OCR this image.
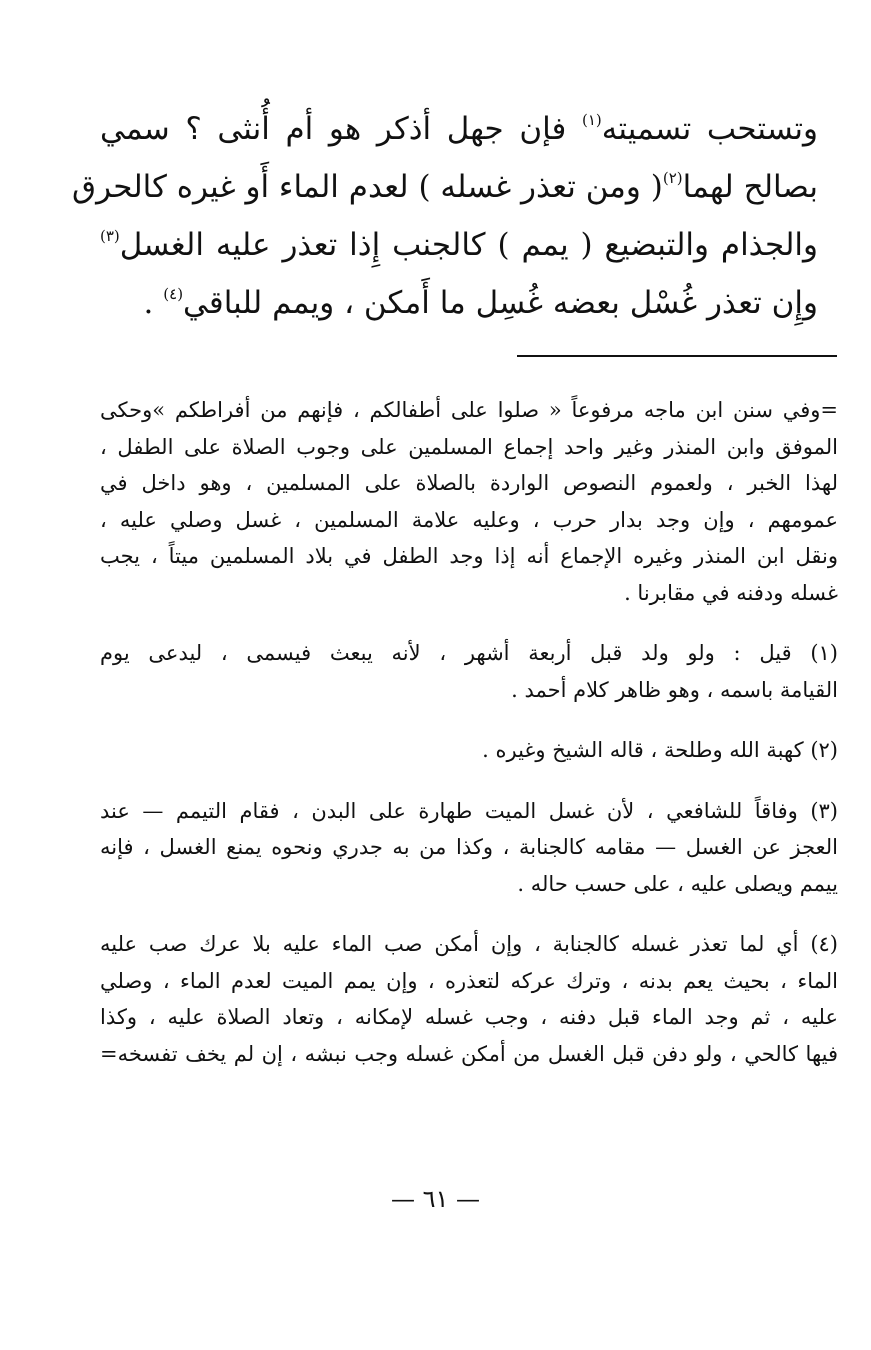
وتستحب تسميته$^{(١)}$ فإن جهل أذكر هو أم أُنثى ؟ سمي
بصالح لهما$^{(٢)}$( ومن تعذر غسله ) لعدم الماء أَو غيره كالحرق
والجذام والتبضيع ( يمم ) كالجنب إِذا تعذر عليه الغسل$^{(٣)}$
وإِن تعذر غُسْل بعضه غُسِل ما أَمكن ، ويمم للباقي$^{(٤)}$ .
=وفي سنن ابن ماجه مرفوعاً « صلوا على أطفالكم ، فإنهم من أفراطكم »وحكى
الموفق وابن المنذر وغير واحد إجماع المسلمين على وجوب الصلاة على الطفل ،
لهذا الخبر ، ولعموم النصوص الواردة بالصلاة على المسلمين ، وهو داخل في
عمومهم ، وإن وجد بدار حرب ، وعليه علامة المسلمين ، غسل وصلي عليه ،
ونقل ابن المنذر وغيره الإجماع أنه إذا وجد الطفل في بلاد المسلمين ميتاً ، يجب
غسله ودفنه في مقابرنا .
(١) قيل : ولو ولد قبل أربعة أشهر ، لأنه يبعث فيسمى ، ليدعى يوم
القيامة باسمه ، وهو ظاهر كلام أحمد .
(٢) كهبة الله وطلحة ، قاله الشيخ وغيره .
(٣) وفاقاً للشافعي ، لأن غسل الميت طهارة على البدن ، فقام التيمم — عند
العجز عن الغسل — مقامه كالجنابة ، وكذا من به جدري ونحوه يمنع الغسل ، فإنه
ييمم ويصلى عليه ، على حسب حاله .
(٤) أي لما تعذر غسله كالجنابة ، وإن أمكن صب الماء عليه بلا عرك صب عليه
الماء ، بحيث يعم بدنه ، وترك عركه لتعذره ، وإن يمم الميت لعدم الماء ، وصلي
عليه ، ثم وجد الماء قبل دفنه ، وجب غسله لإمكانه ، وتعاد الصلاة عليه ، وكذا
فيها كالحي ، ولو دفن قبل الغسل من أمكن غسله وجب نبشه ، إن لم يخف تفسخه=
— ٦١ —
